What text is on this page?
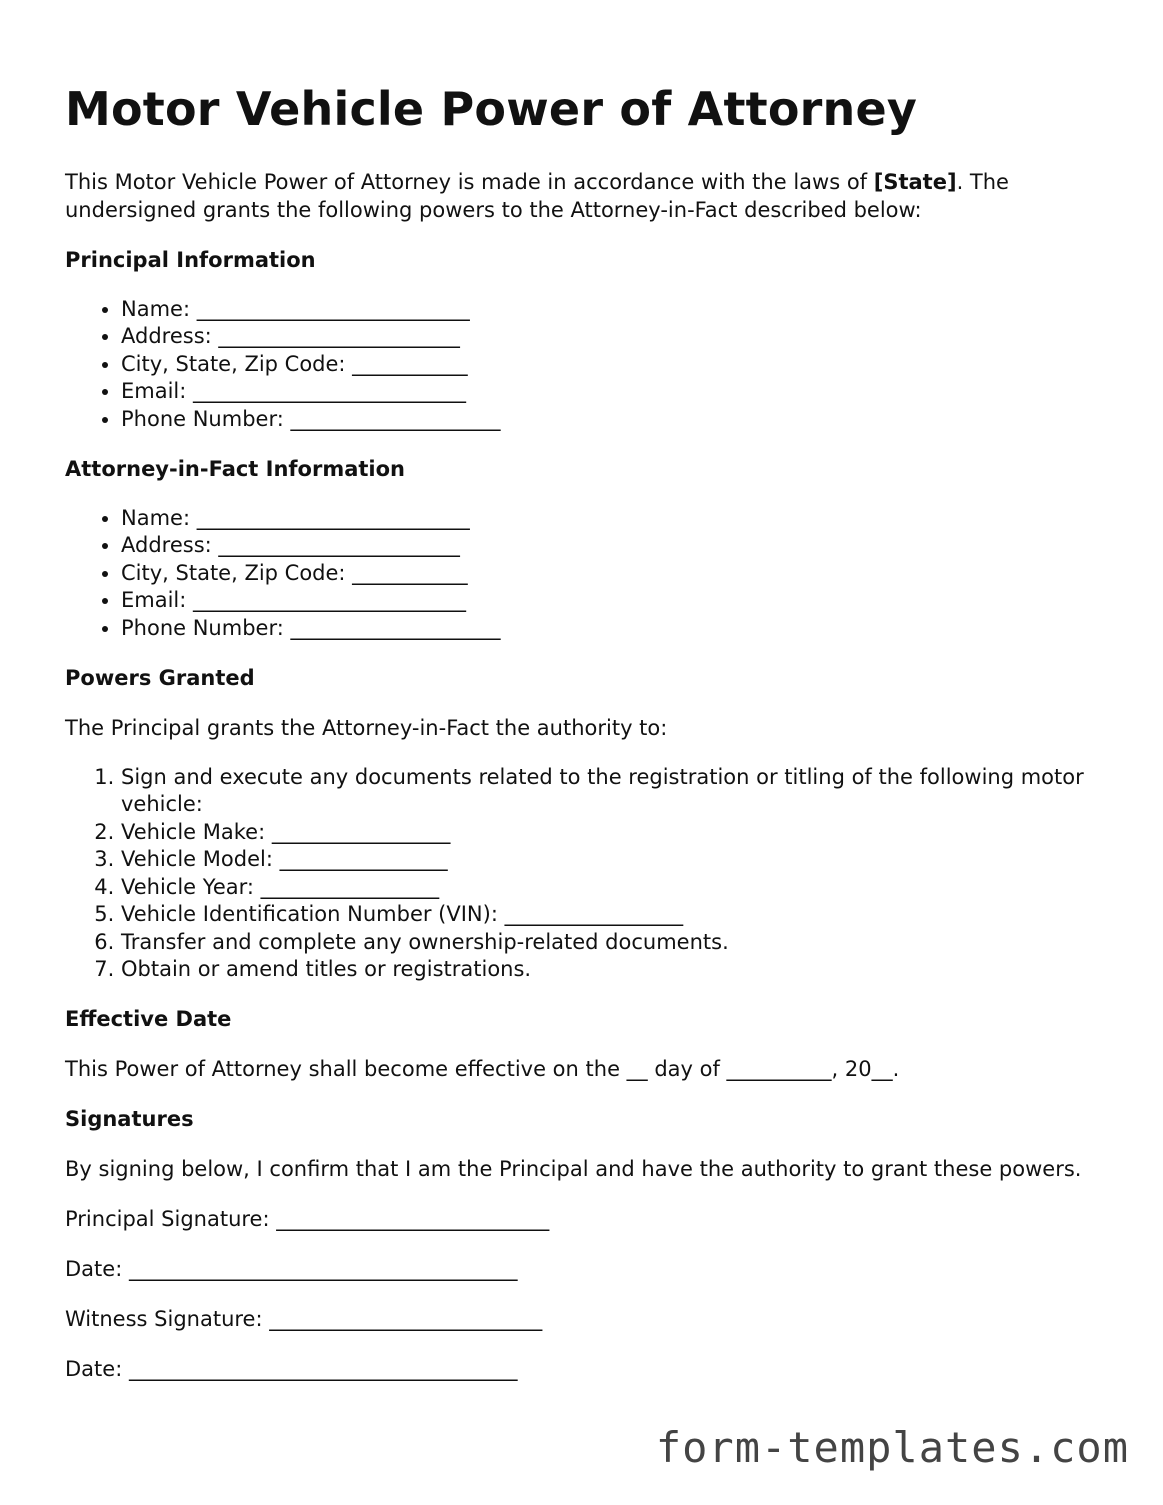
Motor Vehicle Power of Attorney
This Motor Vehicle Power of Attorney is made in accordance with the laws of [State]. The undersigned grants the following powers to the Attorney-in-Fact described below:
Principal Information
• Name: __________________________
• Address: _______________________
• City, State, Zip Code: ___________
• Email: __________________________
• Phone Number: ____________________
Attorney-in-Fact Information
• Name: __________________________
• Address: _______________________
• City, State, Zip Code: ___________
• Email: __________________________
• Phone Number: ____________________
Powers Granted

The Principal grants the Attorney-in-Fact the authority to:

1. Sign and execute any documents related to the registration or titling of the following motor vehicle:
2. Vehicle Make: _________________
3. Vehicle Model: ________________
4. Vehicle Year: _________________
5. Vehicle Identification Number (VIN): _________________
6. Transfer and complete any ownership-related documents.
7. Obtain or amend titles or registrations.
Effective Date

This Power of Attorney shall become effective on the __ day of __________, 20__.

Signatures

By signing below, I confirm that I am the Principal and have the authority to grant these powers.

Principal Signature: __________________________
Date: _____________________________________
Witness Signature: __________________________
Date: _____________________________________
form-templates.com
